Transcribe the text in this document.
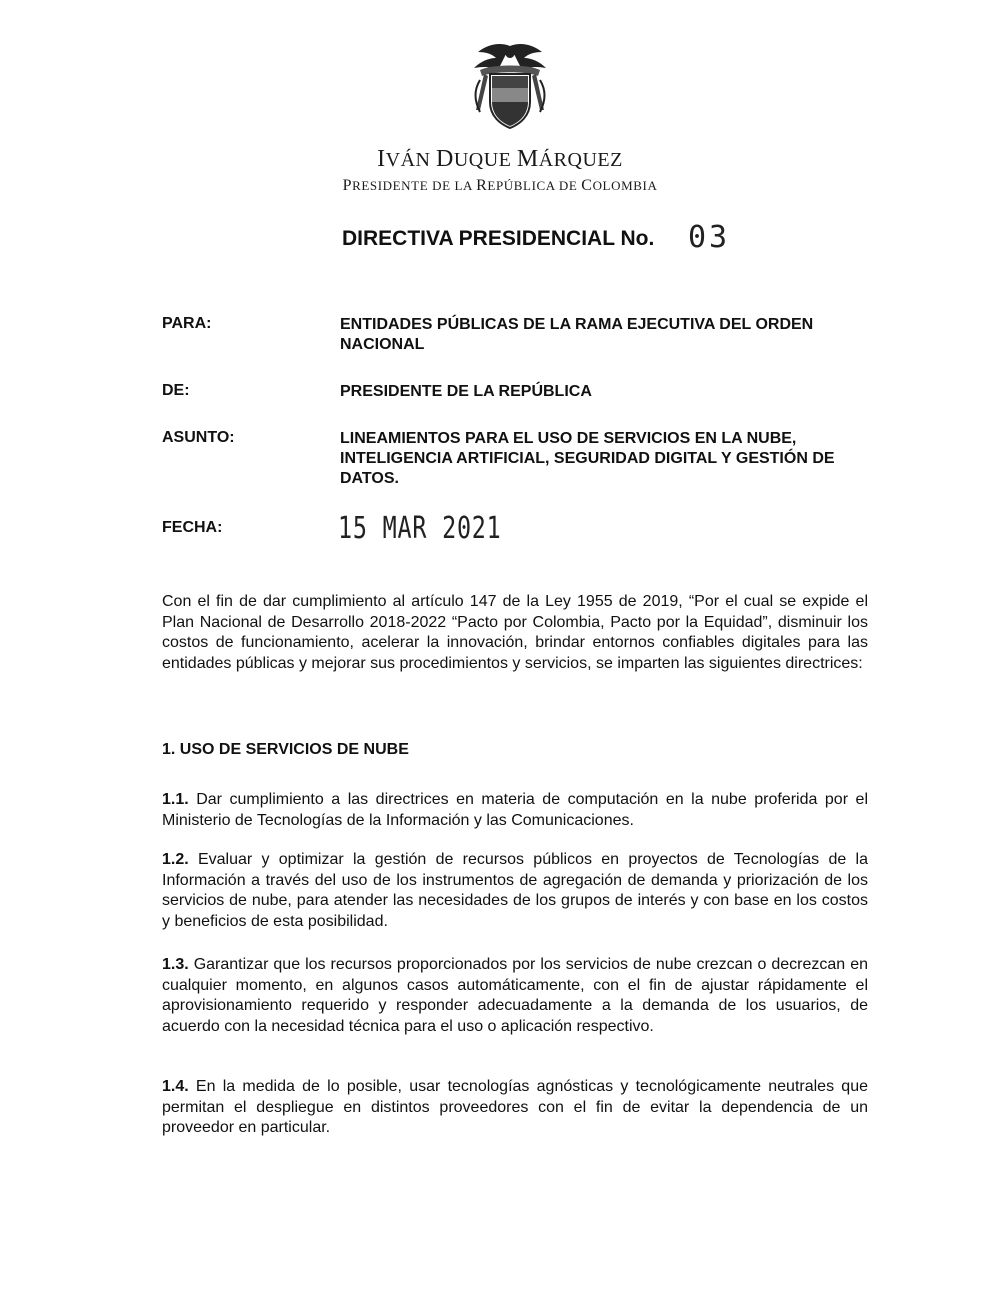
IVÁN DUQUE MÁRQUEZ
PRESIDENTE DE LA REPÚBLICA DE COLOMBIA
DIRECTIVA PRESIDENCIAL No. 03
PARA:	ENTIDADES PÚBLICAS DE LA RAMA EJECUTIVA DEL ORDEN NACIONAL
DE:	PRESIDENTE DE LA REPÚBLICA
ASUNTO:	LINEAMIENTOS PARA EL USO DE SERVICIOS EN LA NUBE, INTELIGENCIA ARTIFICIAL, SEGURIDAD DIGITAL Y GESTIÓN DE DATOS.
FECHA:	15 MAR 2021
Con el fin de dar cumplimiento al artículo 147 de la Ley 1955 de 2019, “Por el cual se expide el Plan Nacional de Desarrollo 2018-2022 “Pacto por Colombia, Pacto por la Equidad”, disminuir los costos de funcionamiento, acelerar la innovación, brindar entornos confiables digitales para las entidades públicas y mejorar sus procedimientos y servicios, se imparten las siguientes directrices:
1. USO DE SERVICIOS DE NUBE
1.1. Dar cumplimiento a las directrices en materia de computación en la nube proferida por el Ministerio de Tecnologías de la Información y las Comunicaciones.
1.2. Evaluar y optimizar la gestión de recursos públicos en proyectos de Tecnologías de la Información a través del uso de los instrumentos de agregación de demanda y priorización de los servicios de nube, para atender las necesidades de los grupos de interés y con base en los costos y beneficios de esta posibilidad.
1.3. Garantizar que los recursos proporcionados por los servicios de nube crezcan o decrezcan en cualquier momento, en algunos casos automáticamente, con el fin de ajustar rápidamente el aprovisionamiento requerido y responder adecuadamente a la demanda de los usuarios, de acuerdo con la necesidad técnica para el uso o aplicación respectivo.
1.4. En la medida de lo posible, usar tecnologías agnósticas y tecnológicamente neutrales que permitan el despliegue en distintos proveedores con el fin de evitar la dependencia de un proveedor en particular.
